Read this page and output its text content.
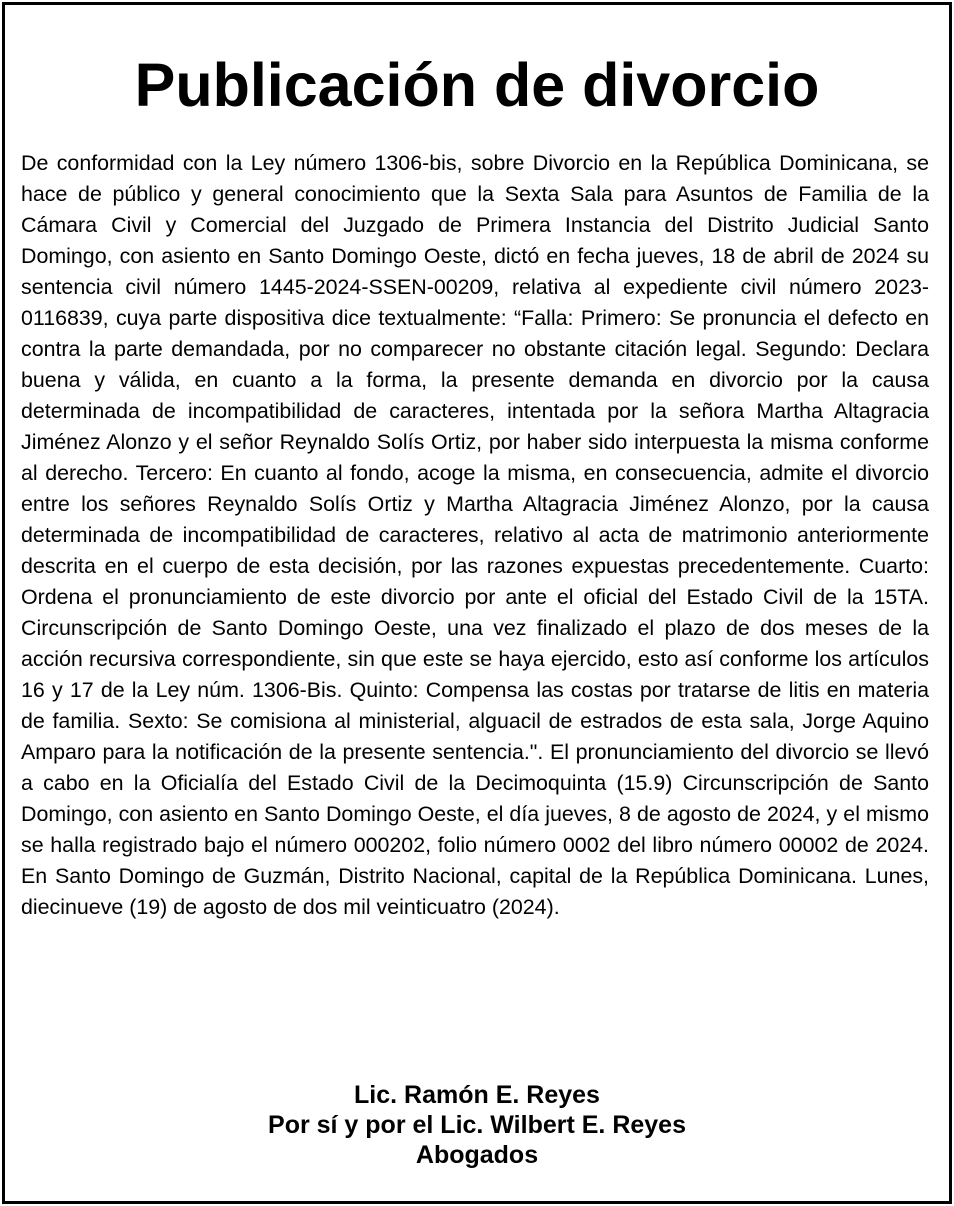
Publicación de divorcio

De conformidad con la Ley número 1306-bis, sobre Divorcio en la República Dominicana, se hace de público y general conocimiento que la Sexta Sala para Asuntos de Familia de la Cámara Civil y Comercial del Juzgado de Primera Instancia del Distrito Judicial Santo Domingo, con asiento en Santo Domingo Oeste, dictó en fecha jueves, 18 de abril de 2024 su sentencia civil número 1445-2024-SSEN-00209, relativa al expediente civil número 2023-0116839, cuya parte dispositiva dice textualmente: “Falla: Primero: Se pronuncia el defecto en contra la parte demandada, por no comparecer no obstante citación legal. Segundo: Declara buena y válida, en cuanto a la forma, la presente demanda en divorcio por la causa determinada de incompatibilidad de caracteres, intentada por la señora Martha Altagracia Jiménez Alonzo y el señor Reynaldo Solís Ortiz, por haber sido interpuesta la misma conforme al derecho. Tercero: En cuanto al fondo, acoge la misma, en consecuencia, admite el divorcio entre los señores Reynaldo Solís Ortiz y Martha Altagracia Jiménez Alonzo, por la causa determinada de incompatibilidad de caracteres, relativo al acta de matrimonio anteriormente descrita en el cuerpo de esta decisión, por las razones expuestas precedentemente. Cuarto: Ordena el pronunciamiento de este divorcio por ante el oficial del Estado Civil de la 15TA. Circunscripción de Santo Domingo Oeste, una vez finalizado el plazo de dos meses de la acción recursiva correspondiente, sin que este se haya ejercido, esto así conforme los artículos 16 y 17 de la Ley núm. 1306-Bis. Quinto: Compensa las costas por tratarse de litis en materia de familia. Sexto: Se comisiona al ministerial, alguacil de estrados de esta sala, Jorge Aquino Amparo para la notificación de la presente sentencia.". El pronunciamiento del divorcio se llevó a cabo en la Oficialía del Estado Civil de la Decimoquinta (15.9) Circunscripción de Santo Domingo, con asiento en Santo Domingo Oeste, el día jueves, 8 de agosto de 2024, y el mismo se halla registrado bajo el número 000202, folio número 0002 del libro número 00002 de 2024. En Santo Domingo de Guzmán, Distrito Nacional, capital de la República Dominicana. Lunes, diecinueve (19) de agosto de dos mil veinticuatro (2024).

Lic. Ramón E. Reyes
Por sí y por el Lic. Wilbert E. Reyes
Abogados
